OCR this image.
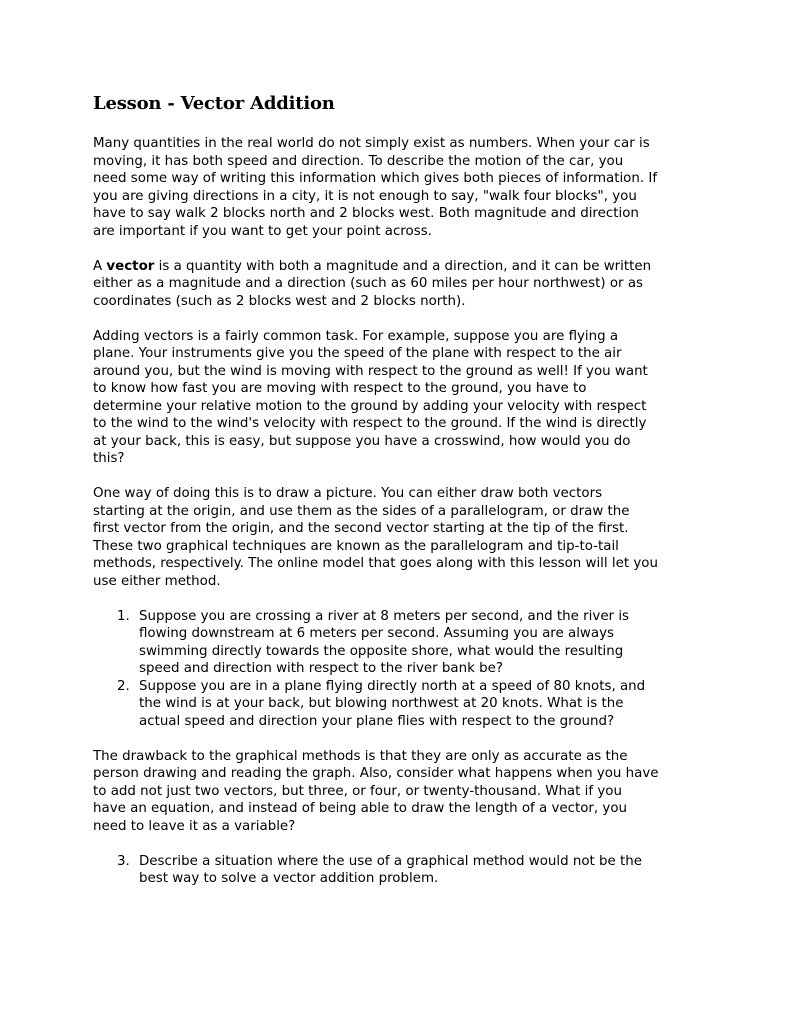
Lesson - Vector Addition
Many quantities in the real world do not simply exist as numbers. When your car is
moving, it has both speed and direction. To describe the motion of the car, you
need some way of writing this information which gives both pieces of information. If
you are giving directions in a city, it is not enough to say, "walk four blocks", you
have to say walk 2 blocks north and 2 blocks west. Both magnitude and direction
are important if you want to get your point across.
A vector is a quantity with both a magnitude and a direction, and it can be written
either as a magnitude and a direction (such as 60 miles per hour northwest) or as
coordinates (such as 2 blocks west and 2 blocks north).
Adding vectors is a fairly common task. For example, suppose you are flying a
plane. Your instruments give you the speed of the plane with respect to the air
around you, but the wind is moving with respect to the ground as well! If you want
to know how fast you are moving with respect to the ground, you have to
determine your relative motion to the ground by adding your velocity with respect
to the wind to the wind's velocity with respect to the ground. If the wind is directly
at your back, this is easy, but suppose you have a crosswind, how would you do
this?
One way of doing this is to draw a picture. You can either draw both vectors
starting at the origin, and use them as the sides of a parallelogram, or draw the
first vector from the origin, and the second vector starting at the tip of the first.
These two graphical techniques are known as the parallelogram and tip-to-tail
methods, respectively. The online model that goes along with this lesson will let you
use either method.
1. Suppose you are crossing a river at 8 meters per second, and the river is
flowing downstream at 6 meters per second. Assuming you are always
swimming directly towards the opposite shore, what would the resulting
speed and direction with respect to the river bank be?
2. Suppose you are in a plane flying directly north at a speed of 80 knots, and
the wind is at your back, but blowing northwest at 20 knots. What is the
actual speed and direction your plane flies with respect to the ground?
The drawback to the graphical methods is that they are only as accurate as the
person drawing and reading the graph. Also, consider what happens when you have
to add not just two vectors, but three, or four, or twenty-thousand. What if you
have an equation, and instead of being able to draw the length of a vector, you
need to leave it as a variable?
3. Describe a situation where the use of a graphical method would not be the
best way to solve a vector addition problem.
